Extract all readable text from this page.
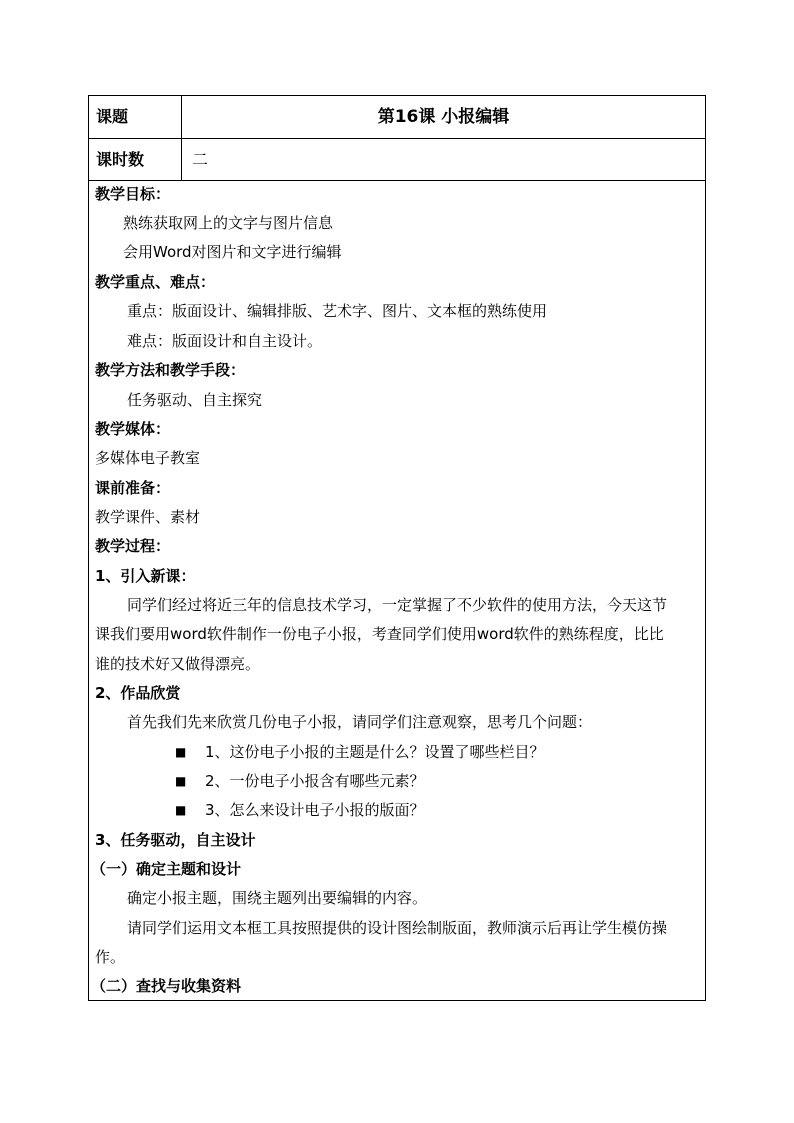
课题	第16课 小报编辑
课时数	二
教学目标：
熟练获取网上的文字与图片信息
会用Word对图片和文字进行编辑
教学重点、难点：
重点：版面设计、编辑排版、艺术字、图片、文本框的熟练使用
难点：版面设计和自主设计。
教学方法和教学手段：
任务驱动、自主探究
教学媒体：
多媒体电子教室
课前准备：
教学课件、素材
教学过程：
1、引入新课：
同学们经过将近三年的信息技术学习，一定掌握了不少软件的使用方法，今天这节
课我们要用word软件制作一份电子小报，考查同学们使用word软件的熟练程度，比比
谁的技术好又做得漂亮。
2、作品欣赏
首先我们先来欣赏几份电子小报，请同学们注意观察，思考几个问题：
■ 1、这份电子小报的主题是什么？设置了哪些栏目？
■ 2、一份电子小报含有哪些元素？
■ 3、怎么来设计电子小报的版面？
3、任务驱动，自主设计
（一）确定主题和设计
确定小报主题，围绕主题列出要编辑的内容。
请同学们运用文本框工具按照提供的设计图绘制版面，教师演示后再让学生模仿操
作。
（二）查找与收集资料
